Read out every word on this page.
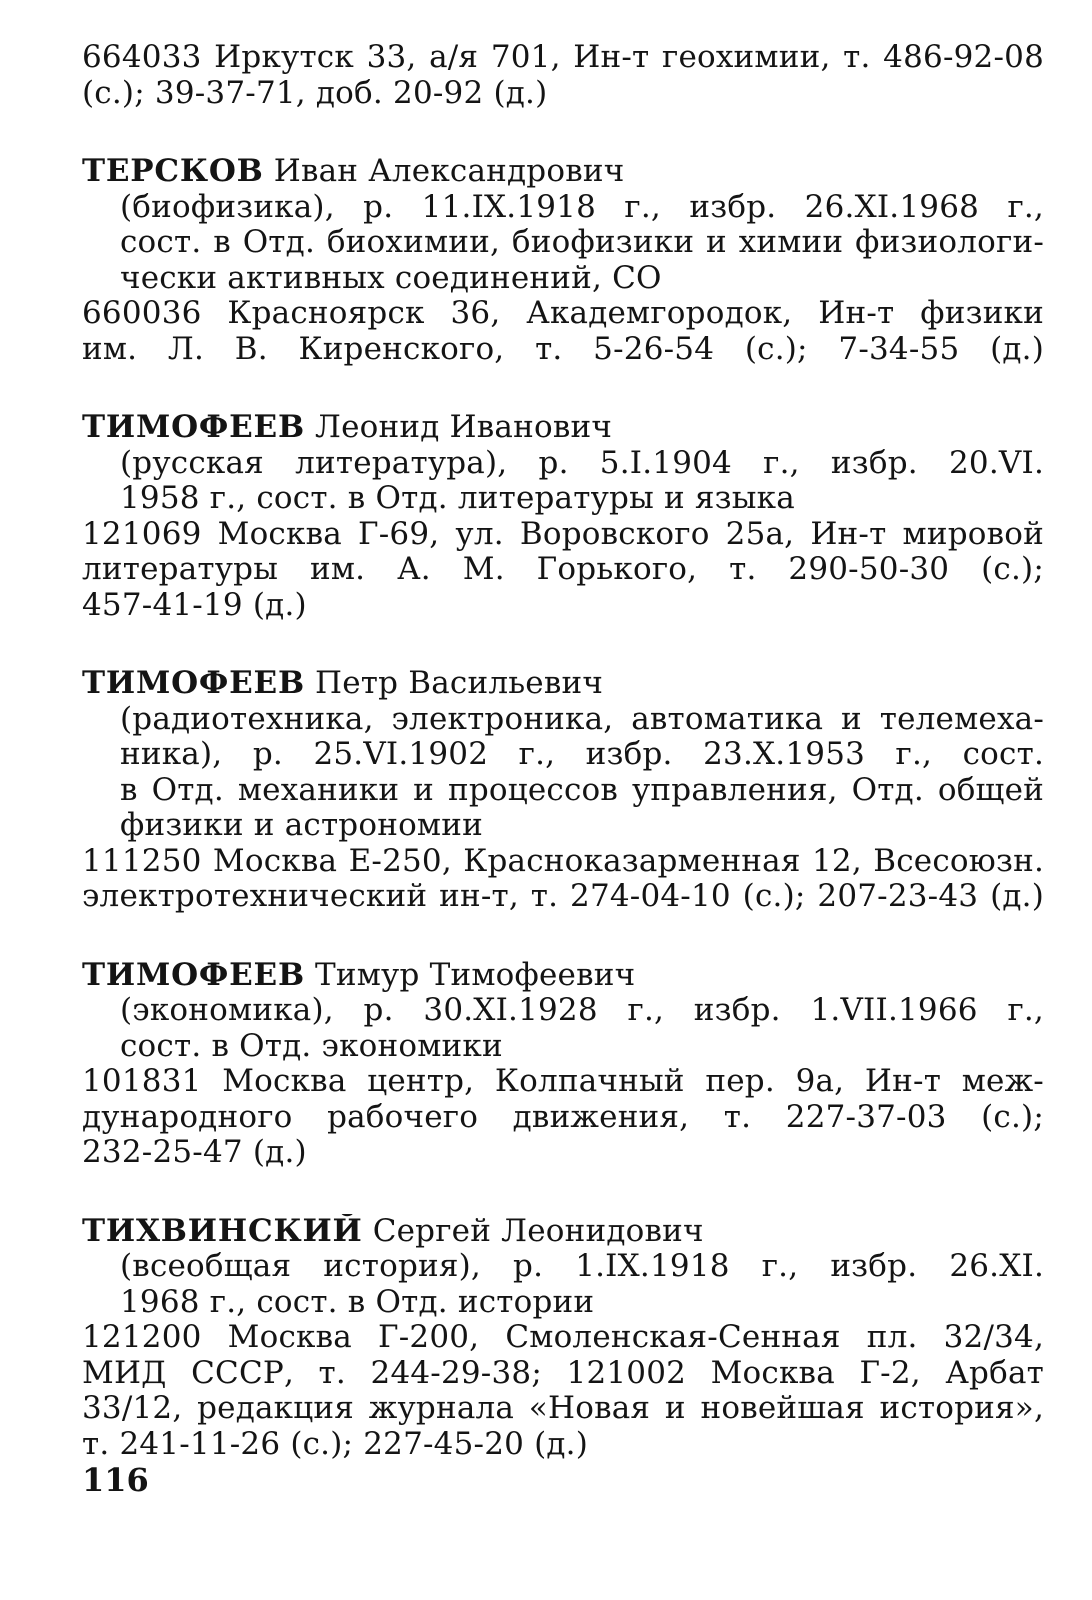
664033 Иркутск 33, а/я 701, Ин-т геохимии, т. 486-92-08
(с.); 39-37-71, доб. 20-92 (д.)
ТЕРСКОВ Иван Александрович
(биофизика), р. 11.IX.1918 г., избр. 26.XI.1968 г.,
сост. в Отд. биохимии, биофизики и химии физиологи-
чески активных соединений, СО
660036 Красноярск 36, Академгородок, Ин-т физики
им. Л. В. Киренского, т. 5-26-54 (с.); 7-34-55 (д.)
ТИМОФЕЕВ Леонид Иванович
(русская литература), р. 5.I.1904 г., избр. 20.VI.
1958 г., сост. в Отд. литературы и языка
121069 Москва Г-69, ул. Воровского 25а, Ин-т мировой
литературы им. А. М. Горького, т. 290-50-30 (с.);
457-41-19 (д.)
ТИМОФЕЕВ Петр Васильевич
(радиотехника, электроника, автоматика и телемеха-
ника), р. 25.VI.1902 г., избр. 23.X.1953 г., сост.
в Отд. механики и процессов управления, Отд. общей
физики и астрономии
111250 Москва Е-250, Красноказарменная 12, Всесоюзн.
электротехнический ин-т, т. 274-04-10 (с.); 207-23-43 (д.)
ТИМОФЕЕВ Тимур Тимофеевич
(экономика), р. 30.XI.1928 г., избр. 1.VII.1966 г.,
сост. в Отд. экономики
101831 Москва центр, Колпачный пер. 9а, Ин-т меж-
дународного рабочего движения, т. 227-37-03 (с.);
232-25-47 (д.)
ТИХВИНСКИЙ Сергей Леонидович
(всеобщая история), р. 1.IX.1918 г., избр. 26.XI.
1968 г., сост. в Отд. истории
121200 Москва Г-200, Смоленская-Сенная пл. 32/34,
МИД СССР, т. 244-29-38; 121002 Москва Г-2, Арбат
33/12, редакция журнала «Новая и новейшая история»,
т. 241-11-26 (с.); 227-45-20 (д.)
116
